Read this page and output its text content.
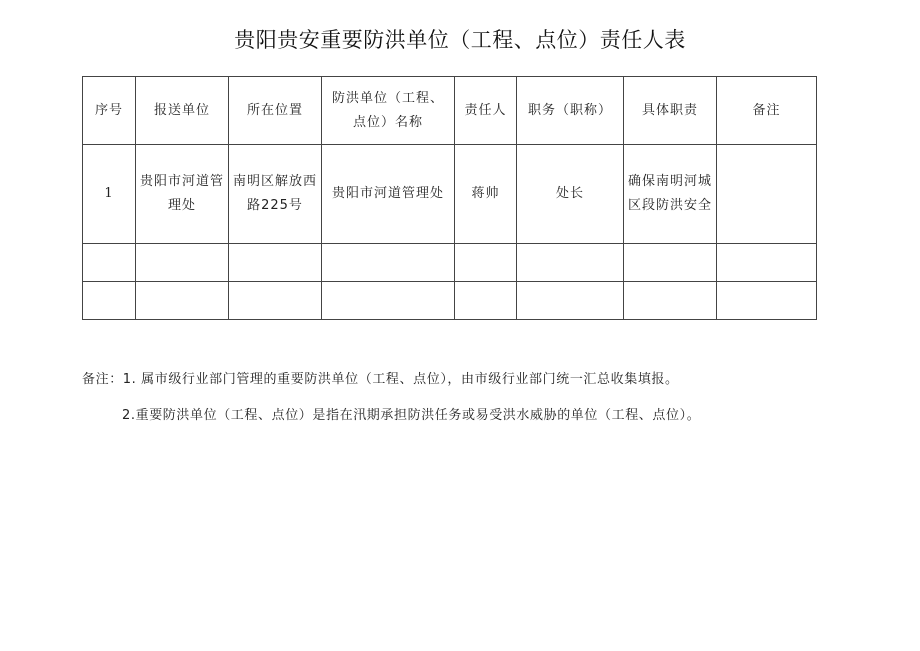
贵阳贵安重要防洪单位（工程、点位）责任人表
序号	报送单位	所在位置	防洪单位（工程、点位）名称	责任人	职务（职称）	具体职责	备注
1	贵阳市河道管理处	南明区解放西路225号	贵阳市河道管理处	蒋帅	处长	确保南明河城区段防洪安全	

备注：1. 属市级行业部门管理的重要防洪单位（工程、点位），由市级行业部门统一汇总收集填报。
2.重要防洪单位（工程、点位）是指在汛期承担防洪任务或易受洪水威胁的单位（工程、点位）。
